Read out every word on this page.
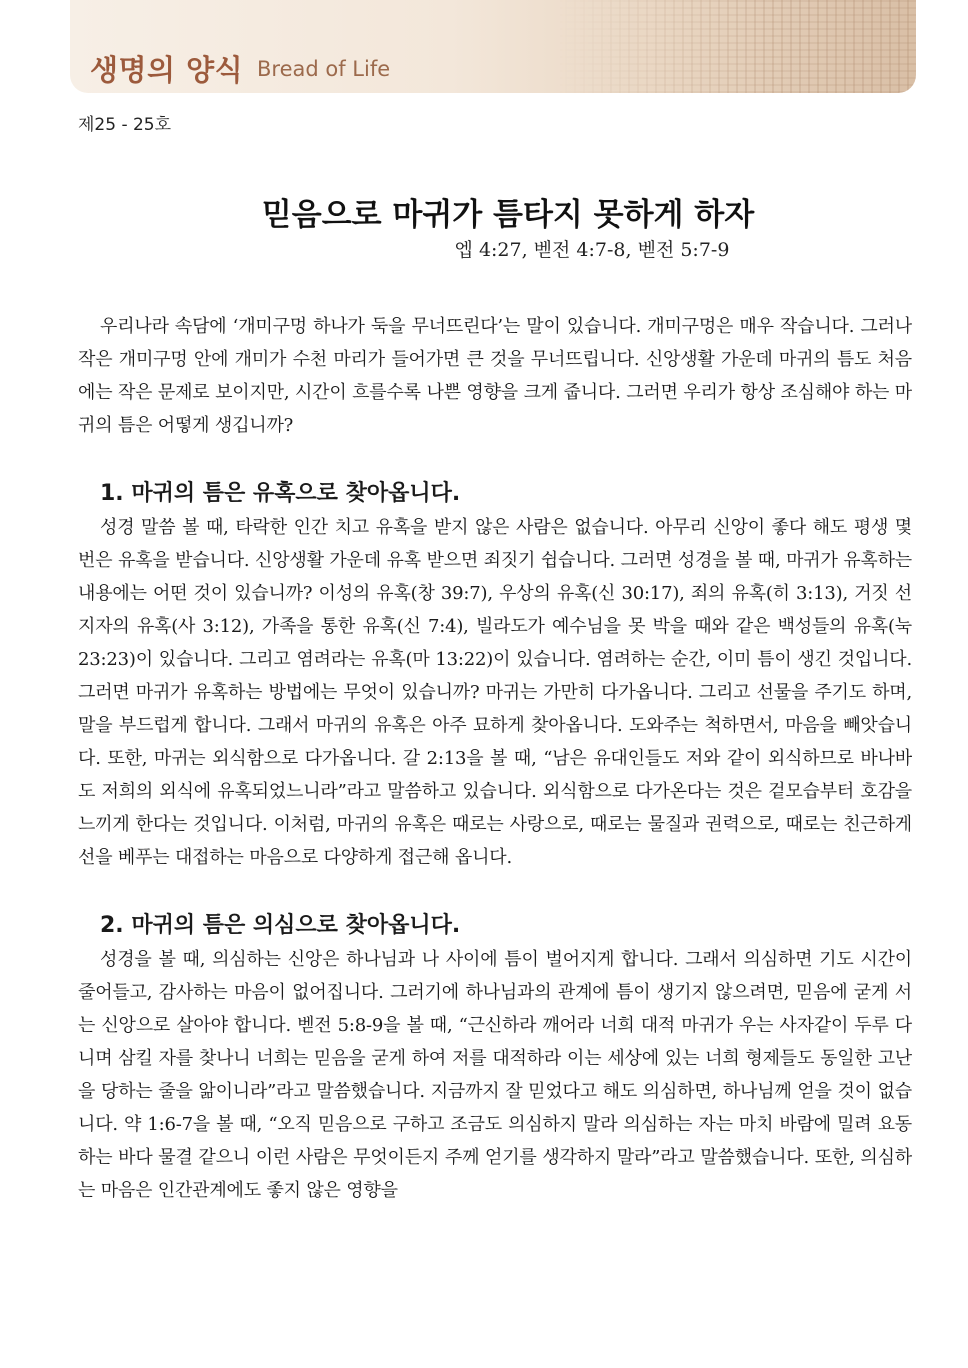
생명의 양식 Bread of Life
제25 - 25호
믿음으로 마귀가 틈타지 못하게 하자
엡 4:27, 벧전 4:7-8, 벧전 5:7-9

우리나라 속담에 ‘개미구멍 하나가 둑을 무너뜨린다’는 말이 있습니다. 개미구멍은 매우 작습니다. 그러나 작은 개미구멍 안에 개미가 수천 마리가 들어가면 큰 것을 무너뜨립니다. 신앙생활 가운데 마귀의 틈도 처음에는 작은 문제로 보이지만, 시간이 흐를수록 나쁜 영향을 크게 줍니다. 그러면 우리가 항상 조심해야 하는 마귀의 틈은 어떻게 생깁니까?

1. 마귀의 틈은 유혹으로 찾아옵니다.

성경 말씀 볼 때, 타락한 인간 치고 유혹을 받지 않은 사람은 없습니다. 아무리 신앙이 좋다 해도 평생 몇 번은 유혹을 받습니다. 신앙생활 가운데 유혹 받으면 죄짓기 쉽습니다. 그러면 성경을 볼 때, 마귀가 유혹하는 내용에는 어떤 것이 있습니까? 이성의 유혹(창 39:7), 우상의 유혹(신 30:17), 죄의 유혹(히 3:13), 거짓 선지자의 유혹(사 3:12), 가족을 통한 유혹(신 7:4), 빌라도가 예수님을 못 박을 때와 같은 백성들의 유혹(눅 23:23)이 있습니다. 그리고 염려라는 유혹(마 13:22)이 있습니다. 염려하는 순간, 이미 틈이 생긴 것입니다. 그러면 마귀가 유혹하는 방법에는 무엇이 있습니까? 마귀는 가만히 다가옵니다. 그리고 선물을 주기도 하며, 말을 부드럽게 합니다. 그래서 마귀의 유혹은 아주 묘하게 찾아옵니다. 도와주는 척하면서, 마음을 빼앗습니다. 또한, 마귀는 외식함으로 다가옵니다. 갈 2:13을 볼 때, “남은 유대인들도 저와 같이 외식하므로 바나바도 저희의 외식에 유혹되었느니라”라고 말씀하고 있습니다. 외식함으로 다가온다는 것은 겉모습부터 호감을 느끼게 한다는 것입니다. 이처럼, 마귀의 유혹은 때로는 사랑으로, 때로는 물질과 권력으로, 때로는 친근하게 선을 베푸는 대접하는 마음으로 다양하게 접근해 옵니다.

2. 마귀의 틈은 의심으로 찾아옵니다.

성경을 볼 때, 의심하는 신앙은 하나님과 나 사이에 틈이 벌어지게 합니다. 그래서 의심하면 기도 시간이 줄어들고, 감사하는 마음이 없어집니다. 그러기에 하나님과의 관계에 틈이 생기지 않으려면, 믿음에 굳게 서는 신앙으로 살아야 합니다. 벧전 5:8-9을 볼 때, “근신하라 깨어라 너희 대적 마귀가 우는 사자같이 두루 다니며 삼킬 자를 찾나니 너희는 믿음을 굳게 하여 저를 대적하라 이는 세상에 있는 너희 형제들도 동일한 고난을 당하는 줄을 앎이니라”라고 말씀했습니다. 지금까지 잘 믿었다고 해도 의심하면, 하나님께 얻을 것이 없습니다. 약 1:6-7을 볼 때, “오직 믿음으로 구하고 조금도 의심하지 말라 의심하는 자는 마치 바람에 밀려 요동하는 바다 물결 같으니 이런 사람은 무엇이든지 주께 얻기를 생각하지 말라”라고 말씀했습니다. 또한, 의심하는 마음은 인간관계에도 좋지 않은 영향을
